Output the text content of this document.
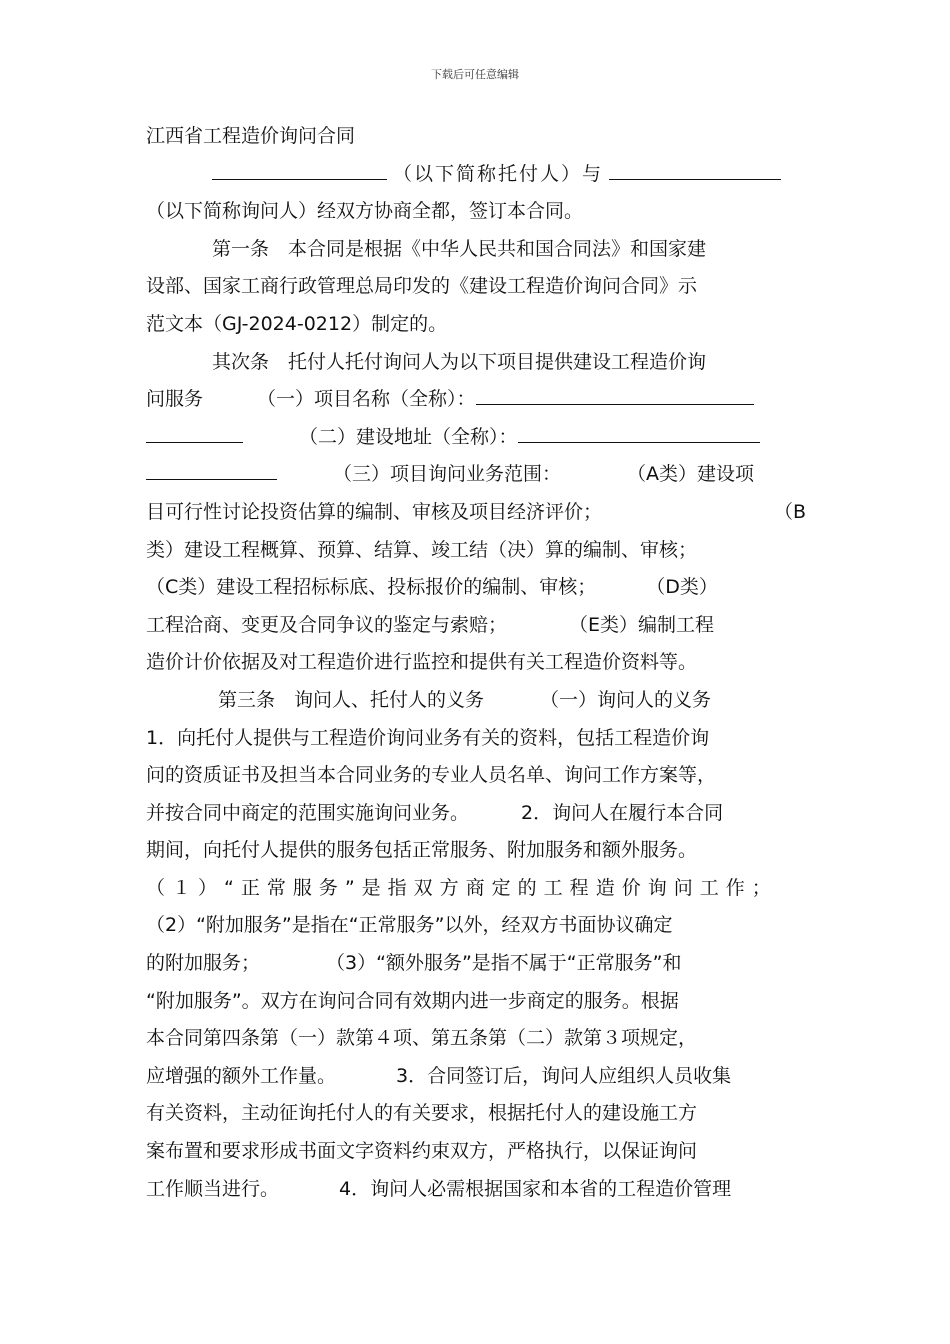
下载后可任意编辑
江西省工程造价询问合同
（以下简称托付人）与
（以下简称询问人）经双方协商全都，签订本合同。
第一条　本合同是根据《中华人民共和国合同法》和国家建
设部、国家工商行政管理总局印发的《建设工程造价询问合同》示
范文本（GJ-2024-0212）制定的。
其次条　托付人托付询问人为以下项目提供建设工程造价询
问服务	（一）项目名称（全称）：
（二）建设地址（全称）：
（三）项目询问业务范围：	（A类）建设项
目可行性讨论投资估算的编制、审核及项目经济评价；	（B
类）建设工程概算、预算、结算、竣工结（决）算的编制、审核；
（C类）建设工程招标标底、投标报价的编制、审核；	（D类）
工程洽商、变更及合同争议的鉴定与索赔；	（E类）编制工程
造价计价依据及对工程造价进行监控和提供有关工程造价资料等。
第三条　询问人、托付人的义务	（一）询问人的义务
1．向托付人提供与工程造价询问业务有关的资料，包括工程造价询
问的资质证书及担当本合同业务的专业人员名单、询问工作方案等，
并按合同中商定的范围实施询问业务。	2．询问人在履行本合同
期间，向托付人提供的服务包括正常服务、附加服务和额外服务。
（１）“正常服务”是指双方商定的工程造价询问工作；
（2）“附加服务”是指在“正常服务”以外，经双方书面协议确定
的附加服务；	（3）“额外服务”是指不属于“正常服务”和
“附加服务”。双方在询问合同有效期内进一步商定的服务。根据
本合同第四条第（一）款第４项、第五条第（二）款第３项规定，
应增强的额外工作量。	3．合同签订后，询问人应组织人员收集
有关资料，主动征询托付人的有关要求，根据托付人的建设施工方
案布置和要求形成书面文字资料约束双方，严格执行，以保证询问
工作顺当进行。	4．询问人必需根据国家和本省的工程造价管理
